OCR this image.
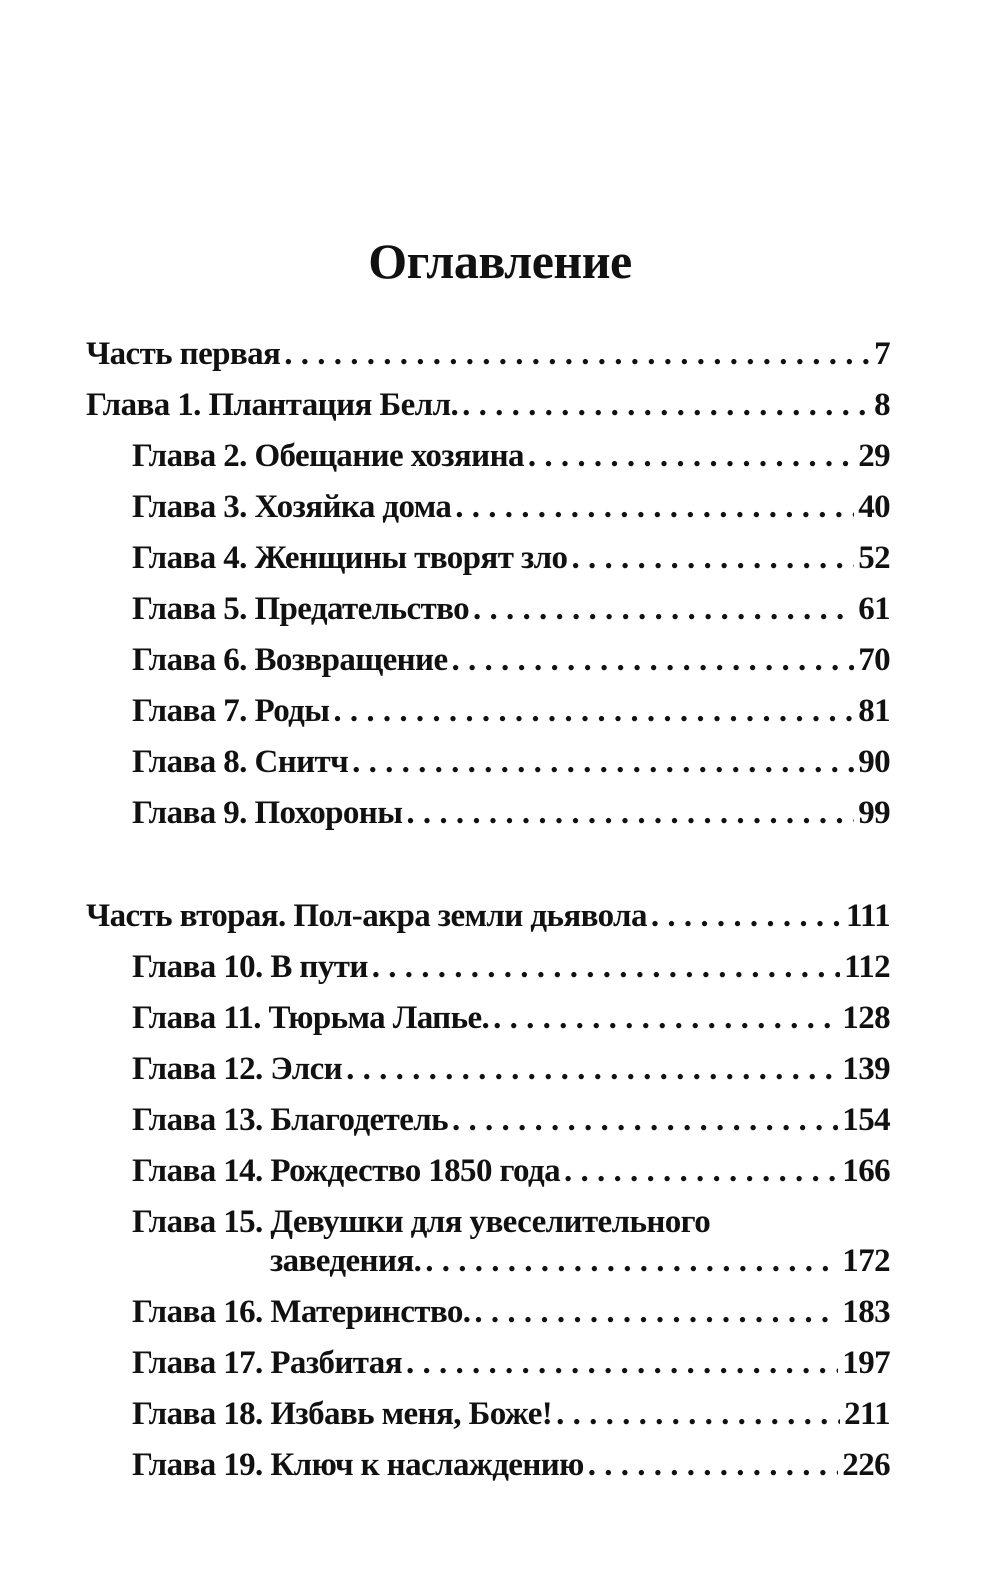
Оглавление
Часть первая . . .	7
Глава 1. Плантация Белл. . . .	8
Глава 2. Обещание хозяина . . .	29
Глава 3. Хозяйка дома . . .	40
Глава 4. Женщины творят зло . . .	52
Глава 5. Предательство . . .	61
Глава 6. Возвращение . . .	70
Глава 7. Роды . . .	81
Глава 8. Снитч . . .	90
Глава 9. Похороны . . .	99
Часть вторая. Пол-акра земли дьявола . . .	111
Глава 10. В пути . . .	112
Глава 11. Тюрьма Лапье. . . .	128
Глава 12. Элси . . .	139
Глава 13. Благодетель . . .	154
Глава 14. Рождество 1850 года . . .	166
Глава 15. Девушки для увеселительного
заведения. . . .	172
Глава 16. Материнство. . . .	183
Глава 17. Разбитая . . .	197
Глава 18. Избавь меня, Боже! . . .	211
Глава 19. Ключ к наслаждению . . .	226
